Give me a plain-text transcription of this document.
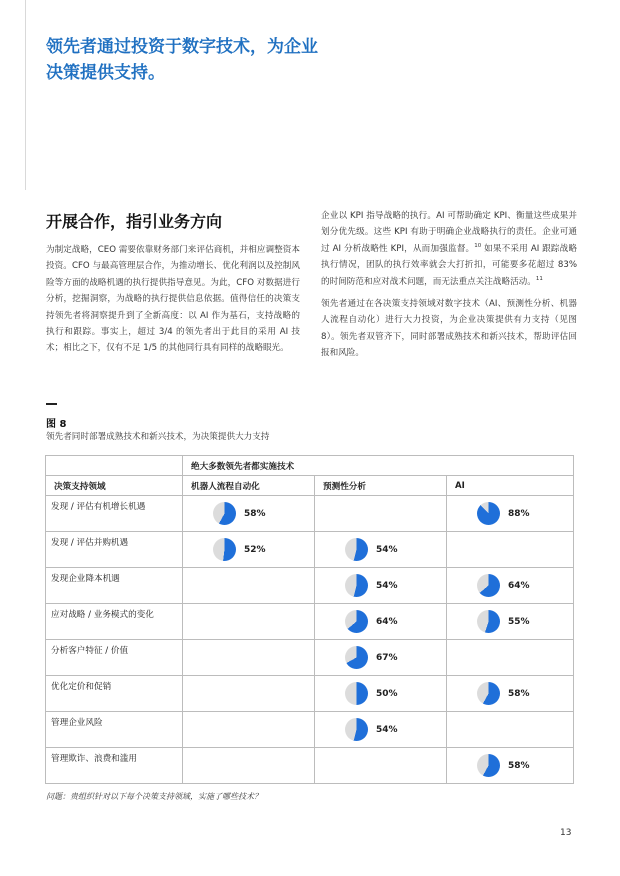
领先者通过投资于数字技术，为企业决策提供支持。
开展合作，指引业务方向

为制定战略，CEO 需要依靠财务部门来评估商机，并相应调整资本投资。CFO 与最高管理层合作，为推动增长、优化利润以及控制风险等方面的战略机遇的执行提供指导意见。为此，CFO 对数据进行分析，挖掘洞察，为战略的执行提供信息依据。值得信任的决策支持领先者将洞察提升到了全新高度：以 AI 作为基石，支持战略的执行和跟踪。事实上，超过 3/4 的领先者出于此目的采用 AI 技术；相比之下，仅有不足 1/5 的其他同行具有同样的战略眼光。

企业以 KPI 指导战略的执行。AI 可帮助确定 KPI、衡量这些成果并划分优先级。这些 KPI 有助于明确企业战略执行的责任。企业可通过 AI 分析战略性 KPI，从而加强监督。$^{10}$ 如果不采用 AI 跟踪战略执行情况，团队的执行效率就会大打折扣，可能要多花超过 83% 的时间防范和应对战术问题，而无法重点关注战略活动。$^{11}$

领先者通过在各决策支持领域对数字技术（AI、预测性分析、机器人流程自动化）进行大力投资，为企业决策提供有力支持（见图 8）。领先者双管齐下，同时部署成熟技术和新兴技术，帮助评估回报和风险。

图 8
领先者同时部署成熟技术和新兴技术，为决策提供大力支持
	绝大多数领先者都实施技术		
决策支持领域	机器人流程自动化	预测性分析	AI
发现 / 评估有机增长机遇	58%		88%

发现 / 评估并购机遇	52%	54%	

发现企业降本机遇		54%	64%

应对战略 / 业务模式的变化		64%	55%

分析客户特征 / 价值		67%	

优化定价和促销		50%	58%

管理企业风险		54%	

管理欺诈、浪费和滥用			58%
问题：贵组织针对以下每个决策支持领域，实施了哪些技术？
13
